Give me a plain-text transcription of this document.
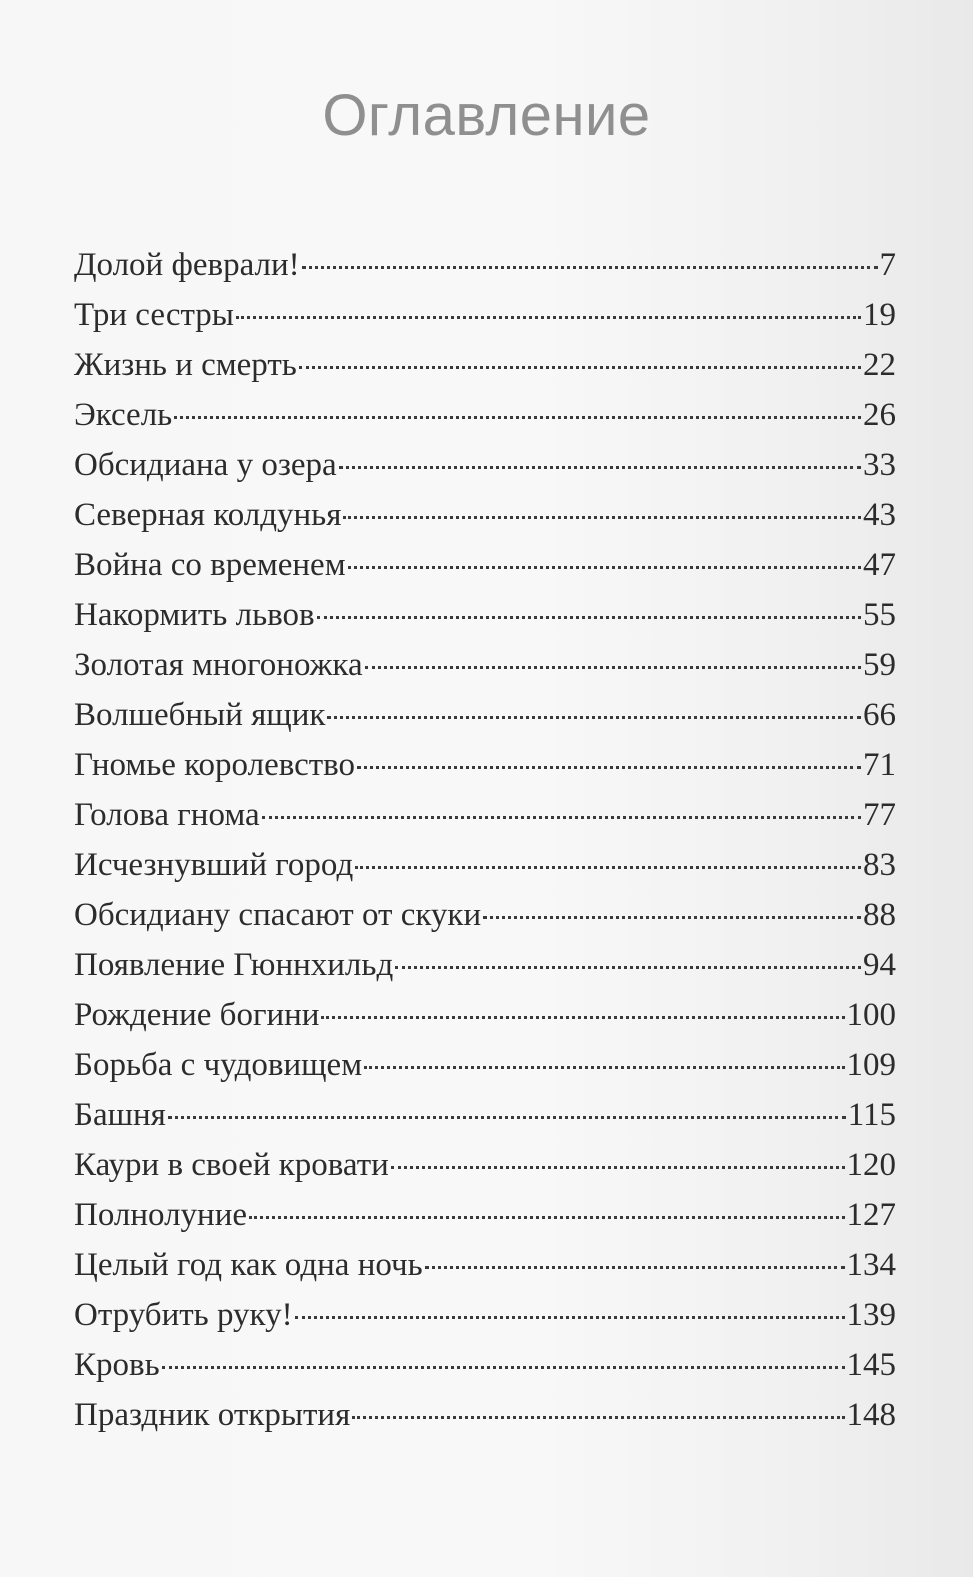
Оглавление
Долой феврали!	7
Три сестры	19
Жизнь и смерть	22
Эксель	26
Обсидиана у озера	33
Северная колдунья	43
Война со временем	47
Накормить львов	55
Золотая многоножка	59
Волшебный ящик	66
Гномье королевство	71
Голова гнома	77
Исчезнувший город	83
Обсидиану спасают от скуки	88
Появление Гюннхильд	94
Рождение богини	100
Борьба с чудовищем	109
Башня	115
Каури в своей кровати	120
Полнолуние	127
Целый год как одна ночь	134
Отрубить руку!	139
Кровь	145
Праздник открытия	148
